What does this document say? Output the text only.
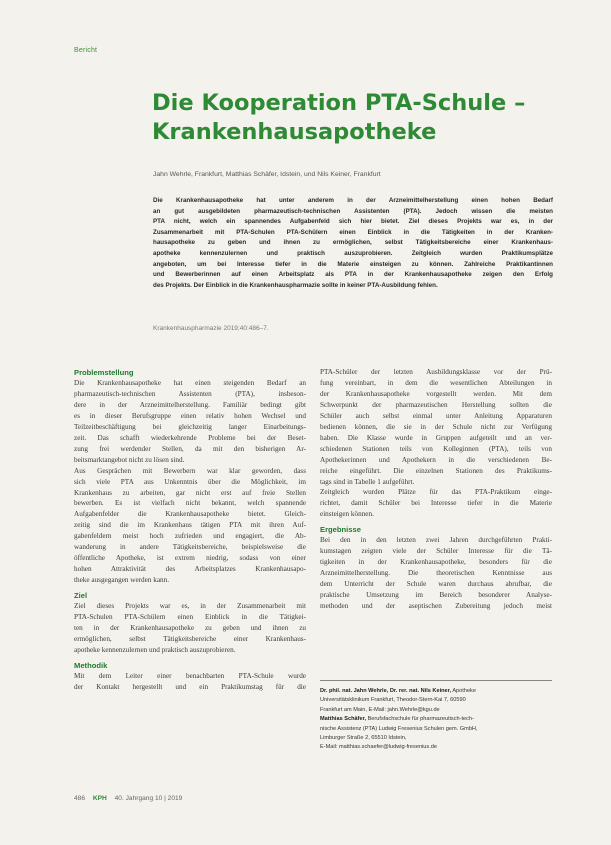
Bericht
Die Kooperation PTA-Schule –
Krankenhausapotheke
Jahn Wehrle, Frankfurt, Matthias Schäfer, Idstein, und Nils Keiner, Frankfurt
Die Krankenhausapotheke hat unter anderem in der Arzneimittelherstellung einen hohen Bedarf
an gut ausgebildeten pharmazeutisch-technischen Assistenten (PTA). Jedoch wissen die meisten
PTA nicht, welch ein spannendes Aufgabenfeld sich hier bietet. Ziel dieses Projekts war es, in der
Zusammenarbeit mit PTA-Schulen PTA-Schülern einen Einblick in die Tätigkeiten in der Kranken-
hausapotheke zu geben und ihnen zu ermöglichen, selbst Tätigkeitsbereiche einer Krankenhaus-
apotheke kennenzulernen und praktisch auszuprobieren. Zeitgleich wurden Praktikumsplätze
angeboten, um bei Interesse tiefer in die Materie einsteigen zu können. Zahlreiche Praktikantinnen
und Bewerberinnen auf einen Arbeitsplatz als PTA in der Krankenhausapotheke zeigen den Erfolg
des Projekts. Der Einblick in die Krankenhauspharmazie sollte in keiner PTA-Ausbildung fehlen.
Krankenhauspharmazie 2019;40:486–7.
Problemstellung
Die Krankenhausapotheke hat einen steigenden Bedarf an
pharmazeutisch-technischen Assistenten (PTA), insbeson-
dere in der Arzneimittelherstellung. Familiär bedingt gibt
es in dieser Berufsgruppe einen relativ hohen Wechsel und
Teilzeitbeschäftigung bei gleichzeitig langer Einarbeitungs-
zeit. Das schafft wiederkehrende Probleme bei der Beset-
zung frei werdender Stellen, da mit den bisherigen Ar-
beitsmarktangebot nicht zu lösen sind.
Aus Gesprächen mit Bewerbern war klar geworden, dass
sich viele PTA aus Unkenntnis über die Möglichkeit, im
Krankenhaus zu arbeiten, gar nicht erst auf freie Stellen
bewerben. Es ist vielfach nicht bekannt, welch spannende
Aufgabenfelder die Krankenhausapotheke bietet. Gleich-
zeitig sind die im Krankenhaus tätigen PTA mit ihren Auf-
gabenfeldern meist hoch zufrieden und engagiert, die Ab-
wanderung in andere Tätigkeitsbereiche, beispielsweise die
öffentliche Apotheke, ist extrem niedrig, sodass von einer
hohen Attraktivität des Arbeitsplatzes Krankenhausapo-
theke ausgegangen werden kann.
Ziel
Ziel dieses Projekts war es, in der Zusammenarbeit mit
PTA-Schulen PTA-Schülern einen Einblick in die Tätigkei-
ten in der Krankenhausapotheke zu geben und ihnen zu
ermöglichen, selbst Tätigkeitsbereiche einer Krankenhaus-
apotheke kennenzulernen und praktisch auszuprobieren.
Methodik
Mit dem Leiter einer benachbarten PTA-Schule wurde
der Kontakt hergestellt und ein Praktikumstag für die
PTA-Schüler der letzten Ausbildungsklasse vor der Prü-
fung vereinbart, in dem die wesentlichen Abteilungen in
der Krankenhausapotheke vorgestellt werden. Mit dem
Schwerpunkt der pharmazeutischen Herstellung sollten die
Schüler auch selbst einmal unter Anleitung Apparaturen
bedienen können, die sie in der Schule nicht zur Verfügung
haben. Die Klasse wurde in Gruppen aufgeteilt und an ver-
schiedenen Stationen teils von Kolleginnen (PTA), teils von
Apothekerinnen und Apothekern in die verschiedenen Be-
reiche eingeführt. Die einzelnen Stationen des Praktikums-
tags sind in Tabelle 1 aufgeführt.
Zeitgleich wurden Plätze für das PTA-Praktikum einge-
richtet, damit Schüler bei Interesse tiefer in die Materie
einsteigen können.
Ergebnisse
Bei den in den letzten zwei Jahren durchgeführten Prakti-
kumstagen zeigten viele der Schüler Interesse für die Tä-
tigkeiten in der Krankenhausapotheke, besonders für die
Arzneimittelherstellung. Die theoretischen Kenntnisse aus
dem Unterricht der Schule waren durchaus abrufbar, die
praktische Umsetzung im Bereich besonderer Analyse-
methoden und der aseptischen Zubereitung jedoch meist
Dr. phil. nat. Jahn Wehrle, Dr. rer. nat. Nils Keiner, Apotheke
Universitätsklinikum Frankfurt, Theodor-Stern-Kai 7, 60590
Frankfurt am Main, E-Mail: jahn.Wehrle@kgu.de
Matthias Schäfer, Berufsfachschule für pharmazeutisch-tech-
nische Assistenz (PTA) Ludwig Fresenius Schulen gem. GmbH,
Limburger Straße 2, 65510 Idstein,
E-Mail: matthias.schaefer@ludwig-fresenius.de
486 KPH 40. Jahrgang 10 | 2019
